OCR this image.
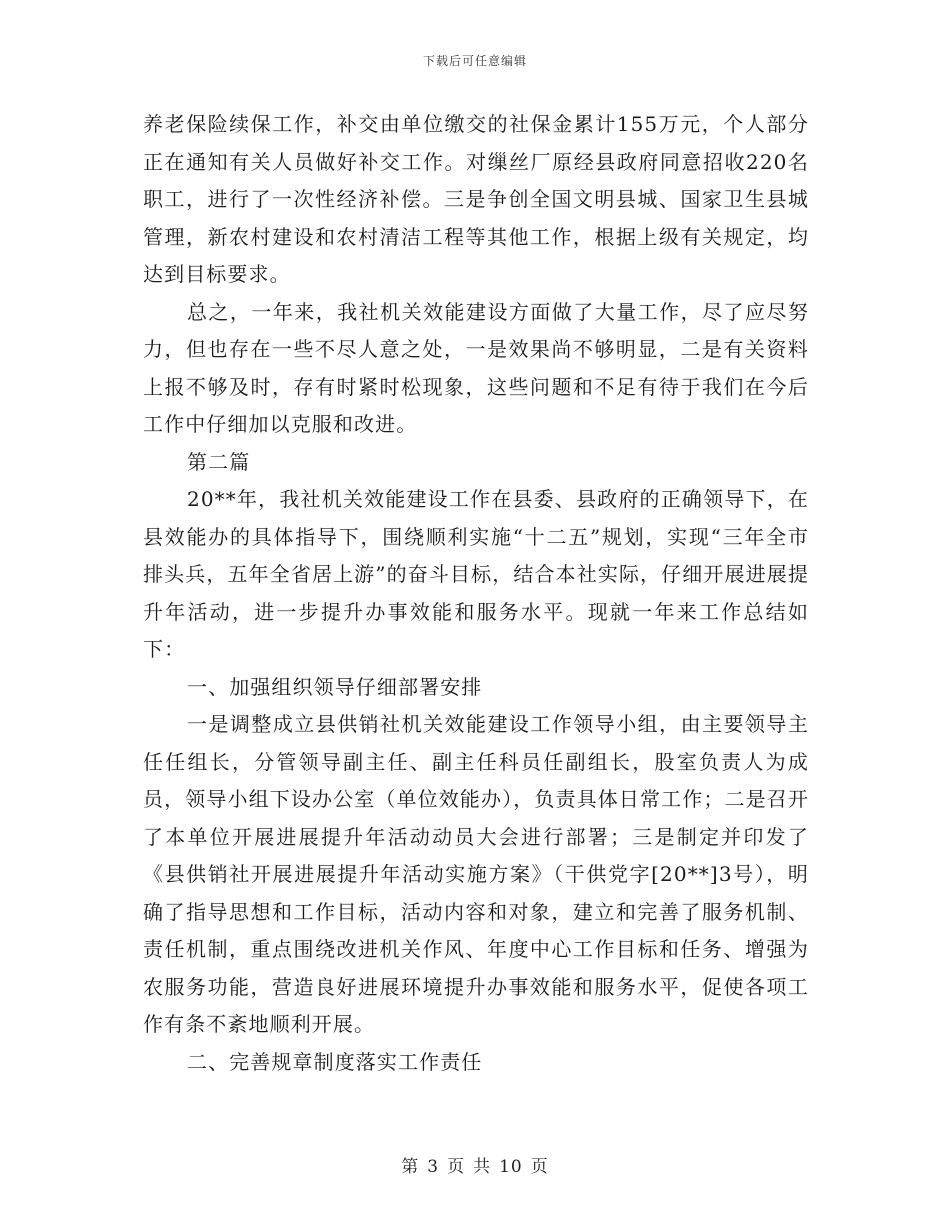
下载后可任意编辑

养老保险续保工作，补交由单位缴交的社保金累计155万元，个人部分正在通知有关人员做好补交工作。对缫丝厂原经县政府同意招收220名职工，进行了一次性经济补偿。三是争创全国文明县城、国家卫生县城管理，新农村建设和农村清洁工程等其他工作，根据上级有关规定，均达到目标要求。

总之，一年来，我社机关效能建设方面做了大量工作，尽了应尽努力，但也存在一些不尽人意之处，一是效果尚不够明显，二是有关资料上报不够及时，存有时紧时松现象，这些问题和不足有待于我们在今后工作中仔细加以克服和改进。

第二篇

20**年，我社机关效能建设工作在县委、县政府的正确领导下，在县效能办的具体指导下，围绕顺利实施“十二五”规划，实现“三年全市排头兵，五年全省居上游”的奋斗目标，结合本社实际，仔细开展进展提升年活动，进一步提升办事效能和服务水平。现就一年来工作总结如下：

一、加强组织领导仔细部署安排

一是调整成立县供销社机关效能建设工作领导小组，由主要领导主任任组长，分管领导副主任、副主任科员任副组长，股室负责人为成员，领导小组下设办公室（单位效能办），负责具体日常工作；二是召开了本单位开展进展提升年活动动员大会进行部署；三是制定并印发了《县供销社开展进展提升年活动实施方案》（干供党字[20**]3号），明确了指导思想和工作目标，活动内容和对象，建立和完善了服务机制、责任机制，重点围绕改进机关作风、年度中心工作目标和任务、增强为农服务功能，营造良好进展环境提升办事效能和服务水平，促使各项工作有条不紊地顺利开展。

二、完善规章制度落实工作责任

第 3 页 共 10 页
